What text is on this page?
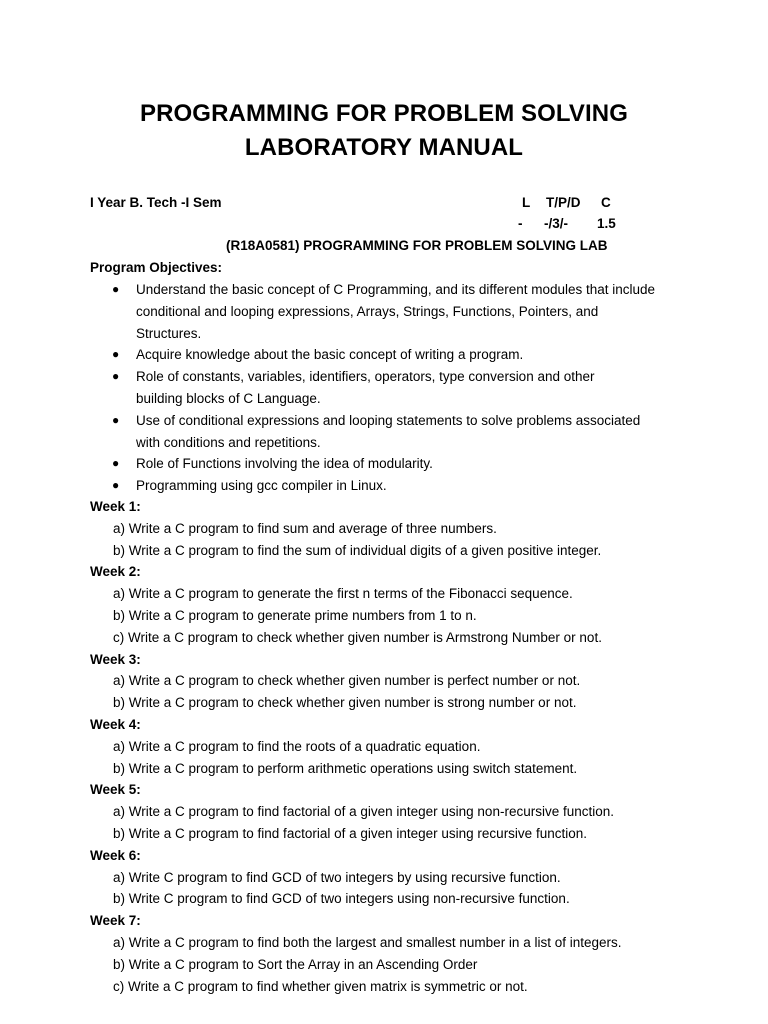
PROGRAMMING FOR PROBLEM SOLVING
LABORATORY MANUAL
I Year B. Tech -I Sem	L T/P/D C
- -/3/- 1.5
(R18A0581) PROGRAMMING FOR PROBLEM SOLVING LAB
Program Objectives:
● Understand the basic concept of C Programming, and its different modules that include
conditional and looping expressions, Arrays, Strings, Functions, Pointers, and
Structures.
● Acquire knowledge about the basic concept of writing a program.
● Role of constants, variables, identifiers, operators, type conversion and other
building blocks of C Language.
● Use of conditional expressions and looping statements to solve problems associated
with conditions and repetitions.
● Role of Functions involving the idea of modularity.
● Programming using gcc compiler in Linux.
Week 1:
a) Write a C program to find sum and average of three numbers.
b) Write a C program to find the sum of individual digits of a given positive integer.
Week 2:
a) Write a C program to generate the first n terms of the Fibonacci sequence.
b) Write a C program to generate prime numbers from 1 to n.
c) Write a C program to check whether given number is Armstrong Number or not.
Week 3:
a) Write a C program to check whether given number is perfect number or not.
b) Write a C program to check whether given number is strong number or not.
Week 4:
a) Write a C program to find the roots of a quadratic equation.
b) Write a C program to perform arithmetic operations using switch statement.
Week 5:
a) Write a C program to find factorial of a given integer using non-recursive function.
b) Write a C program to find factorial of a given integer using recursive function.
Week 6:
a) Write C program to find GCD of two integers by using recursive function.
b) Write C program to find GCD of two integers using non-recursive function.
Week 7:
a) Write a C program to find both the largest and smallest number in a list of integers.
b) Write a C program to Sort the Array in an Ascending Order
c) Write a C program to find whether given matrix is symmetric or not.
